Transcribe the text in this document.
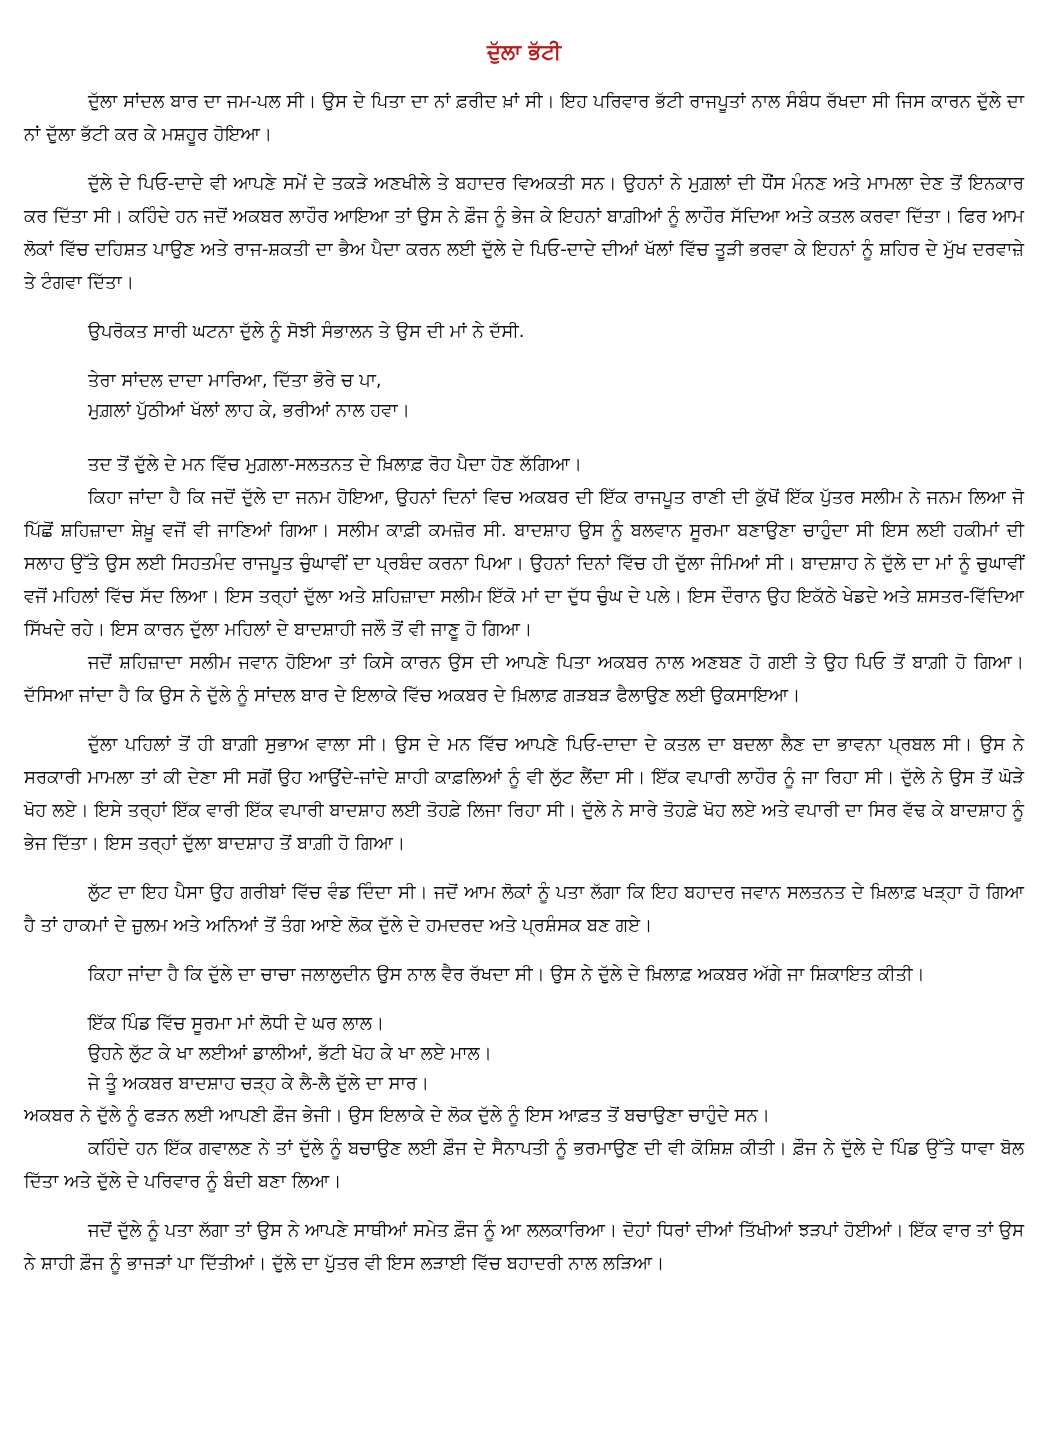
ਦੁੱਲਾ ਭੱਟੀ

ਦੁੱਲਾ ਸਾਂਦਲ ਬਾਰ ਦਾ ਜਮ-ਪਲ ਸੀ। ਉਸ ਦੇ ਪਿਤਾ ਦਾ ਨਾਂ ਫ਼ਰੀਦ ਖ਼ਾਂ ਸੀ। ਇਹ ਪਰਿਵਾਰ ਭੱਟੀ ਰਾਜਪੂਤਾਂ ਨਾਲ ਸੰਬੰਧ ਰੱਖਦਾ ਸੀ ਜਿਸ ਕਾਰਨ ਦੁੱਲੇ ਦਾ ਨਾਂ ਦੁੱਲਾ ਭੱਟੀ ਕਰ ਕੇ ਮਸ਼ਹੂਰ ਹੋਇਆ।

ਦੁੱਲੇ ਦੇ ਪਿਓ-ਦਾਦੇ ਵੀ ਆਪਣੇ ਸਮੇਂ ਦੇ ਤਕੜੇ ਅਣਖੀਲੇ ਤੇ ਬਹਾਦਰ ਵਿਅਕਤੀ ਸਨ। ਉਹਨਾਂ ਨੇ ਮੁਗ਼ਲਾਂ ਦੀ ਧੌਂਸ ਮੰਨਣ ਅਤੇ ਮਾਮਲਾ ਦੇਣ ਤੋਂ ਇਨਕਾਰ ਕਰ ਦਿੱਤਾ ਸੀ। ਕਹਿੰਦੇ ਹਨ ਜਦੋਂ ਅਕਬਰ ਲਾਹੌਰ ਆਇਆ ਤਾਂ ਉਸ ਨੇ ਫ਼ੌਜ ਨੂੰ ਭੇਜ ਕੇ ਇਹਨਾਂ ਬਾਗ਼ੀਆਂ ਨੂੰ ਲਾਹੌਰ ਸੱਦਿਆ ਅਤੇ ਕਤਲ ਕਰਵਾ ਦਿੱਤਾ। ਫਿਰ ਆਮ ਲੋਕਾਂ ਵਿੱਚ ਦਹਿਸ਼ਤ ਪਾਉਣ ਅਤੇ ਰਾਜ-ਸ਼ਕਤੀ ਦਾ ਭੈਅ ਪੈਦਾ ਕਰਨ ਲਈ ਦੁੱਲੇ ਦੇ ਪਿਓ-ਦਾਦੇ ਦੀਆਂ ਖੱਲਾਂ ਵਿੱਚ ਤੂੜੀ ਭਰਵਾ ਕੇ ਇਹਨਾਂ ਨੂੰ ਸ਼ਹਿਰ ਦੇ ਮੁੱਖ ਦਰਵਾਜ਼ੇ ਤੇ ਟੰਗਵਾ ਦਿੱਤਾ।

ਉਪਰੋਕਤ ਸਾਰੀ ਘਟਨਾ ਦੁੱਲੇ ਨੂੰ ਸੋਝੀ ਸੰਭਾਲਨ ਤੇ ਉਸ ਦੀ ਮਾਂ ਨੇ ਦੱਸੀ.

ਤੇਰਾ ਸਾਂਦਲ ਦਾਦਾ ਮਾਰਿਆ, ਦਿੱਤਾ ਭੋਰੇ ਚ ਪਾ,
ਮੁਗ਼ਲਾਂ ਪੁੱਠੀਆਂ ਖੱਲਾਂ ਲਾਹ ਕੇ, ਭਰੀਆਂ ਨਾਲ ਹਵਾ।

ਤਦ ਤੋਂ ਦੁੱਲੇ ਦੇ ਮਨ ਵਿੱਚ ਮੁਗ਼ਲਾ-ਸਲਤਨਤ ਦੇ ਖ਼ਿਲਾਫ਼ ਰੋਹ ਪੈਦਾ ਹੋਣ ਲੱਗਿਆ।

ਕਿਹਾ ਜਾਂਦਾ ਹੈ ਕਿ ਜਦੋਂ ਦੁੱਲੇ ਦਾ ਜਨਮ ਹੋਇਆ, ਉਹਨਾਂ ਦਿਨਾਂ ਵਿਚ ਅਕਬਰ ਦੀ ਇੱਕ ਰਾਜਪੂਤ ਰਾਣੀ ਦੀ ਕੁੱਖੋਂ ਇੱਕ ਪੁੱਤਰ ਸਲੀਮ ਨੇ ਜਨਮ ਲਿਆ ਜੋ ਪਿੱਛੋਂ ਸ਼ਹਿਜ਼ਾਦਾ ਸ਼ੇਖ਼ੂ ਵਜੋਂ ਵੀ ਜਾਣਿਆਂ ਗਿਆ। ਸਲੀਮ ਕਾਫ਼ੀ ਕਮਜ਼ੋਰ ਸੀ. ਬਾਦਸ਼ਾਹ ਉਸ ਨੂੰ ਬਲਵਾਨ ਸੂਰਮਾ ਬਣਾਉਣਾ ਚਾਹੁੰਦਾ ਸੀ ਇਸ ਲਈ ਹਕੀਮਾਂ ਦੀ ਸਲਾਹ ਉੱਤੇ ਉਸ ਲਈ ਸਿਹਤਮੰਦ ਰਾਜਪੂਤ ਚੁੰਘਾਵੀਂ ਦਾ ਪ੍ਰਬੰਦ ਕਰਨਾ ਪਿਆ। ਉਹਨਾਂ ਦਿਨਾਂ ਵਿੱਚ ਹੀ ਦੁੱਲਾ ਜੰਮਿਆਂ ਸੀ। ਬਾਦਸ਼ਾਹ ਨੇ ਦੁੱਲੇ ਦਾ ਮਾਂ ਨੂੰ ਚੁਘਾਵੀਂ ਵਜੋਂ ਮਹਿਲਾਂ ਵਿੱਚ ਸੱਦ ਲਿਆ। ਇਸ ਤਰ੍ਹਾਂ ਦੁੱਲਾ ਅਤੇ ਸ਼ਹਿਜ਼ਾਦਾ ਸਲੀਮ ਇੱਕੋ ਮਾਂ ਦਾ ਦੁੱਧ ਚੁੰਘ ਦੇ ਪਲੇ। ਇਸ ਦੌਰਾਨ ਉਹ ਇਕੱਠੇ ਖੇਡਦੇ ਅਤੇ ਸ਼ਸਤਰ-ਵਿੱਦਿਆ ਸਿੱਖਦੇ ਰਹੇ। ਇਸ ਕਾਰਨ ਦੁੱਲਾ ਮਹਿਲਾਂ ਦੇ ਬਾਦਸ਼ਾਹੀ ਜਲੌ ਤੋਂ ਵੀ ਜਾਣੂ ਹੋ ਗਿਆ।

ਜਦੋਂ ਸ਼ਹਿਜ਼ਾਦਾ ਸਲੀਮ ਜਵਾਨ ਹੋਇਆ ਤਾਂ ਕਿਸੇ ਕਾਰਨ ਉਸ ਦੀ ਆਪਣੇ ਪਿਤਾ ਅਕਬਰ ਨਾਲ ਅਣਬਣ ਹੋ ਗਈ ਤੇ ਉਹ ਪਿਓ ਤੋਂ ਬਾਗ਼ੀ ਹੋ ਗਿਆ। ਦੱਸਿਆ ਜਾਂਦਾ ਹੈ ਕਿ ਉਸ ਨੇ ਦੁੱਲੇ ਨੂੰ ਸਾਂਦਲ ਬਾਰ ਦੇ ਇਲਾਕੇ ਵਿੱਚ ਅਕਬਰ ਦੇ ਖ਼ਿਲਾਫ਼ ਗੜਬੜ ਫੈਲਾਉਣ ਲਈ ਉਕਸਾਇਆ।

ਦੁੱਲਾ ਪਹਿਲਾਂ ਤੋਂ ਹੀ ਬਾਗ਼ੀ ਸੁਭਾਅ ਵਾਲਾ ਸੀ। ਉਸ ਦੇ ਮਨ ਵਿੱਚ ਆਪਣੇ ਪਿਓ-ਦਾਦਾ ਦੇ ਕਤਲ ਦਾ ਬਦਲਾ ਲੈਣ ਦਾ ਭਾਵਨਾ ਪ੍ਰਬਲ ਸੀ। ਉਸ ਨੇ ਸਰਕਾਰੀ ਮਾਮਲਾ ਤਾਂ ਕੀ ਦੇਣਾ ਸੀ ਸਗੋਂ ਉਹ ਆਉਂਦੇ-ਜਾਂਦੇ ਸ਼ਾਹੀ ਕਾਫ਼ਲਿਆਂ ਨੂੰ ਵੀ ਲੁੱਟ ਲੈਂਦਾ ਸੀ। ਇੱਕ ਵਪਾਰੀ ਲਾਹੌਰ ਨੂੰ ਜਾ ਰਿਹਾ ਸੀ। ਦੁੱਲੇ ਨੇ ਉਸ ਤੋਂ ਘੋੜੇ ਖੋਹ ਲਏ। ਇਸੇ ਤਰ੍ਹਾਂ ਇੱਕ ਵਾਰੀ ਇੱਕ ਵਪਾਰੀ ਬਾਦਸ਼ਾਹ ਲਈ ਤੋਹਫ਼ੇ ਲਿਜਾ ਰਿਹਾ ਸੀ। ਦੁੱਲੇ ਨੇ ਸਾਰੇ ਤੋਹਫ਼ੇ ਖੋਹ ਲਏ ਅਤੇ ਵਪਾਰੀ ਦਾ ਸਿਰ ਵੱਢ ਕੇ ਬਾਦਸ਼ਾਹ ਨੂੰ ਭੇਜ ਦਿੱਤਾ। ਇਸ ਤਰ੍ਹਾਂ ਦੁੱਲਾ ਬਾਦਸ਼ਾਹ ਤੋਂ ਬਾਗ਼ੀ ਹੋ ਗਿਆ।

ਲੁੱਟ ਦਾ ਇਹ ਪੈਸਾ ਉਹ ਗਰੀਬਾਂ ਵਿੱਚ ਵੰਡ ਦਿੰਦਾ ਸੀ। ਜਦੋਂ ਆਮ ਲੋਕਾਂ ਨੂੰ ਪਤਾ ਲੱਗਾ ਕਿ ਇਹ ਬਹਾਦਰ ਜਵਾਨ ਸਲਤਨਤ ਦੇ ਖ਼ਿਲਾਫ਼ ਖੜ੍ਹਾ ਹੋ ਗਿਆ ਹੈ ਤਾਂ ਹਾਕਮਾਂ ਦੇ ਜ਼ੁਲਮ ਅਤੇ ਅਨਿਆਂ ਤੋਂ ਤੰਗ ਆਏ ਲੋਕ ਦੁੱਲੇ ਦੇ ਹਮਦਰਦ ਅਤੇ ਪ੍ਰਸ਼ੰਸਕ ਬਣ ਗਏ।

ਕਿਹਾ ਜਾਂਦਾ ਹੈ ਕਿ ਦੁੱਲੇ ਦਾ ਚਾਚਾ ਜਲਾਲੁਦੀਨ ਉਸ ਨਾਲ ਵੈਰ ਰੱਖਦਾ ਸੀ। ਉਸ ਨੇ ਦੁੱਲੇ ਦੇ ਖ਼ਿਲਾਫ਼ ਅਕਬਰ ਅੱਗੇ ਜਾ ਸ਼ਿਕਾਇਤ ਕੀਤੀ।

ਇੱਕ ਪਿੰਡ ਵਿੱਚ ਸੂਰਮਾ ਮਾਂ ਲੋਧੀ ਦੇ ਘਰ ਲਾਲ।
ਉਹਨੇ ਲੁੱਟ ਕੇ ਖਾ ਲਈਆਂ ਡਾਲੀਆਂ, ਭੱਟੀ ਖੋਹ ਕੇ ਖਾ ਲਏ ਮਾਲ।
ਜੇ ਤੂੰ ਅਕਬਰ ਬਾਦਸ਼ਾਹ ਚੜ੍ਹ ਕੇ ਲੈ-ਲੈ ਦੁੱਲੇ ਦਾ ਸਾਰ।

ਅਕਬਰ ਨੇ ਦੁੱਲੇ ਨੂੰ ਫੜਨ ਲਈ ਆਪਣੀ ਫ਼ੌਜ ਭੇਜੀ। ਉਸ ਇਲਾਕੇ ਦੇ ਲੋਕ ਦੁੱਲੇ ਨੂੰ ਇਸ ਆਫ਼ਤ ਤੋਂ ਬਚਾਉਣਾ ਚਾਹੁੰਦੇ ਸਨ।

ਕਹਿੰਦੇ ਹਨ ਇੱਕ ਗਵਾਲਣ ਨੇ ਤਾਂ ਦੁੱਲੇ ਨੂੰ ਬਚਾਉਣ ਲਈ ਫ਼ੌਜ ਦੇ ਸੈਨਾਪਤੀ ਨੂੰ ਭਰਮਾਉਣ ਦੀ ਵੀ ਕੋਸ਼ਿਸ਼ ਕੀਤੀ। ਫ਼ੌਜ ਨੇ ਦੁੱਲੇ ਦੇ ਪਿੰਡ ਉੱਤੇ ਧਾਵਾ ਬੋਲ ਦਿੱਤਾ ਅਤੇ ਦੁੱਲੇ ਦੇ ਪਰਿਵਾਰ ਨੂੰ ਬੰਦੀ ਬਣਾ ਲਿਆ।

ਜਦੋਂ ਦੁੱਲੇ ਨੂੰ ਪਤਾ ਲੱਗਾ ਤਾਂ ਉਸ ਨੇ ਆਪਣੇ ਸਾਥੀਆਂ ਸਮੇਤ ਫ਼ੌਜ ਨੂੰ ਆ ਲਲਕਾਰਿਆ। ਦੋਹਾਂ ਧਿਰਾਂ ਦੀਆਂ ਤਿੱਖੀਆਂ ਝੜਪਾਂ ਹੋਈਆਂ। ਇੱਕ ਵਾਰ ਤਾਂ ਉਸ ਨੇ ਸ਼ਾਹੀ ਫ਼ੌਜ ਨੂੰ ਭਾਜੜਾਂ ਪਾ ਦਿੱਤੀਆਂ। ਦੁੱਲੇ ਦਾ ਪੁੱਤਰ ਵੀ ਇਸ ਲੜਾਈ ਵਿੱਚ ਬਹਾਦਰੀ ਨਾਲ ਲੜਿਆ।
